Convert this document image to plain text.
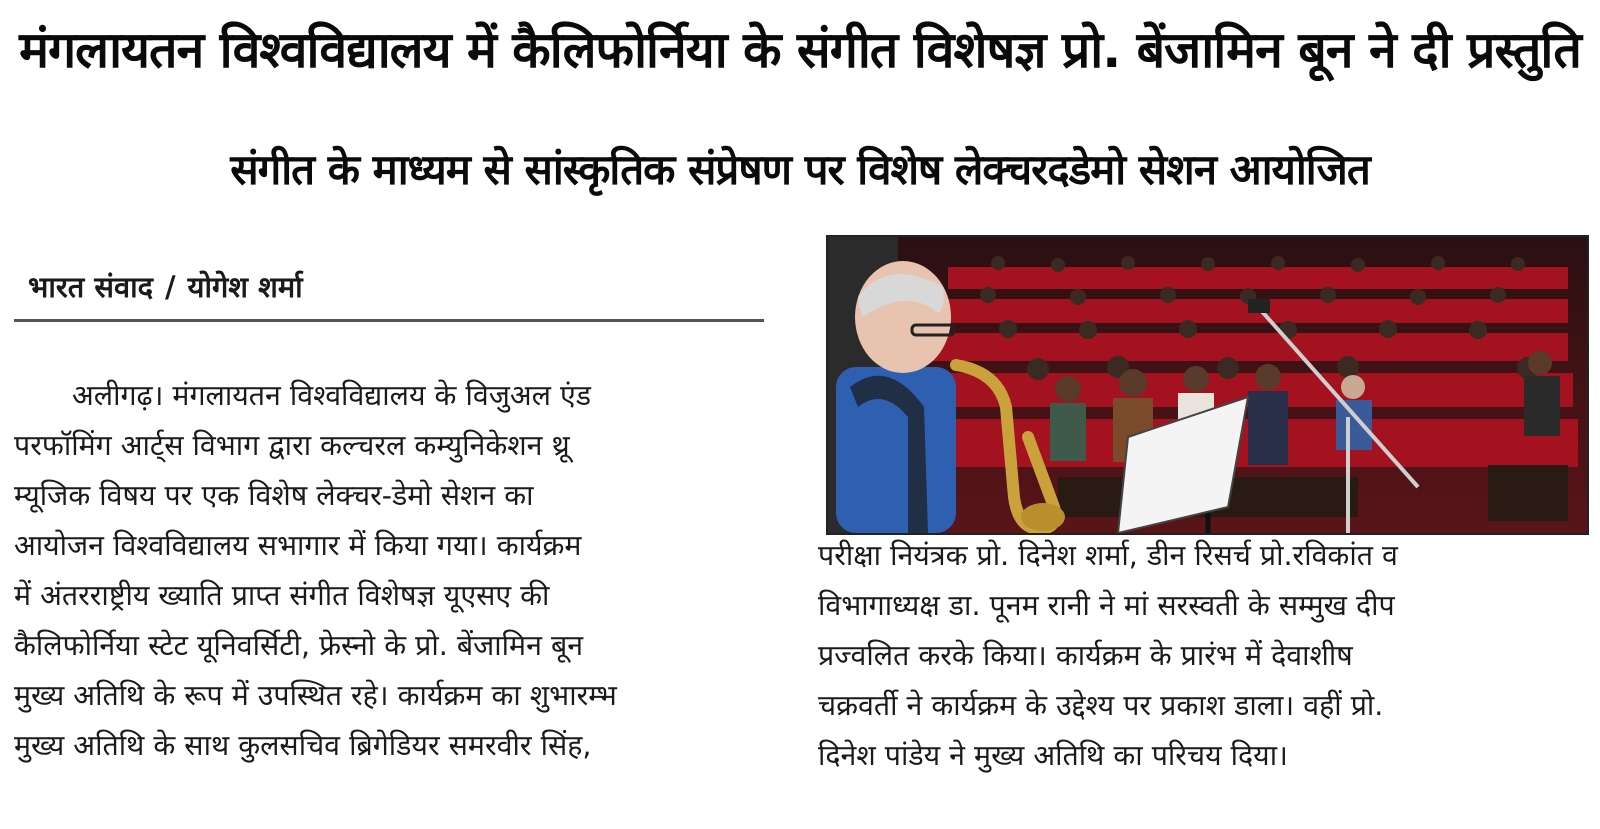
मंगलायतन विश्वविद्यालय में कैलिफोर्निया के संगीत विशेषज्ञ प्रो. बेंजामिन बून ने दी प्रस्तुति
संगीत के माध्यम से सांस्कृतिक संप्रेषण पर विशेष लेक्चरदडेमो सेशन आयोजित
भारत संवाद / योगेश शर्मा
अलीगढ़। मंगलायतन विश्वविद्यालय के विजुअल एंड
परफॉमिंग आर्ट्स विभाग द्वारा कल्चरल कम्युनिकेशन थ्रू
म्यूजिक विषय पर एक विशेष लेक्चर-डेमो सेशन का
आयोजन विश्वविद्यालय सभागार में किया गया। कार्यक्रम
में अंतरराष्ट्रीय ख्याति प्राप्त संगीत विशेषज्ञ यूएसए की
कैलिफोर्निया स्टेट यूनिवर्सिटी, फ्रेस्नो के प्रो. बेंजामिन बून
मुख्य अतिथि के रूप में उपस्थित रहे। कार्यक्रम का शुभारम्भ
मुख्य अतिथि के साथ कुलसचिव ब्रिगेडियर समरवीर सिंह,
परीक्षा नियंत्रक प्रो. दिनेश शर्मा, डीन रिसर्च प्रो.रविकांत व
विभागाध्यक्ष डा. पूनम रानी ने मां सरस्वती के सम्मुख दीप
प्रज्वलित करके किया। कार्यक्रम के प्रारंभ में देवाशीष
चक्रवर्ती ने कार्यक्रम के उद्देश्य पर प्रकाश डाला। वहीं प्रो.
दिनेश पांडेय ने मुख्य अतिथि का परिचय दिया।
